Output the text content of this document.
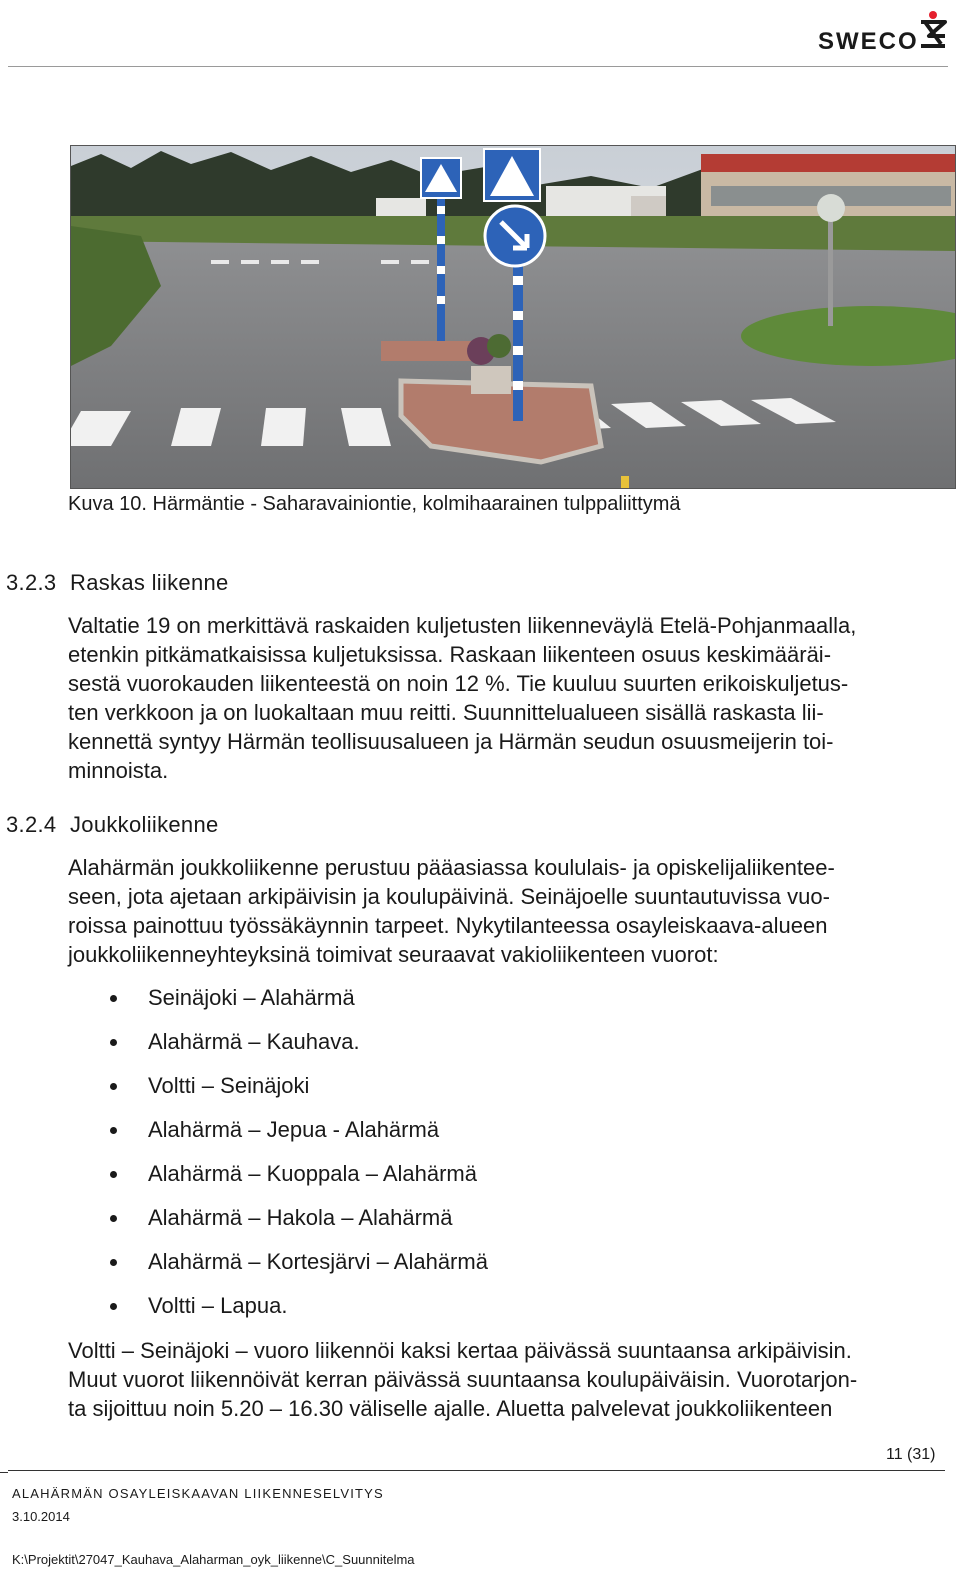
SWECO
Kuva 10. Härmäntie - Saharavainiontie, kolmihaarainen tulppaliittymä
3.2.3 Raskas liikenne
Valtatie 19 on merkittävä raskaiden kuljetusten liikenneväylä Etelä-Pohjanmaalla,
etenkin pitkämatkaisissa kuljetuksissa. Raskaan liikenteen osuus keskimääräi-
sestä vuorokauden liikenteestä on noin 12 %. Tie kuuluu suurten erikoiskuljetus-
ten verkkoon ja on luokaltaan muu reitti. Suunnittelualueen sisällä raskasta lii-
kennettä syntyy Härmän teollisuusalueen ja Härmän seudun osuusmeijerin toi-
minnoista.
3.2.4 Joukkoliikenne
Alahärmän joukkoliikenne perustuu pääasiassa koululais- ja opiskelijaliikentee-
seen, jota ajetaan arkipäivisin ja koulupäivinä. Seinäjoelle suuntautuvissa vuo-
roissa painottuu työssäkäynnin tarpeet. Nykytilanteessa osayleiskaava-alueen
joukkoliikenneyhteyksinä toimivat seuraavat vakioliikenteen vuorot:
Seinäjoki – Alahärmä
Alahärmä – Kauhava.
Voltti – Seinäjoki
Alahärmä – Jepua - Alahärmä
Alahärmä – Kuoppala – Alahärmä
Alahärmä – Hakola – Alahärmä
Alahärmä – Kortesjärvi – Alahärmä
Voltti – Lapua.
Voltti – Seinäjoki – vuoro liikennöi kaksi kertaa päivässä suuntaansa arkipäivisin.
Muut vuorot liikennöivät kerran päivässä suuntaansa koulupäiväisin. Vuorotarjon-
ta sijoittuu noin 5.20 – 16.30 väliselle ajalle. Aluetta palvelevat joukkoliikenteen
11 (31)
ALAHÄRMÄN OSAYLEISKAAVAN LIIKENNESELVITYS
3.10.2014
K:\Projektit\27047_Kauhava_Alaharman_oyk_liikenne\C_Suunnitelma
